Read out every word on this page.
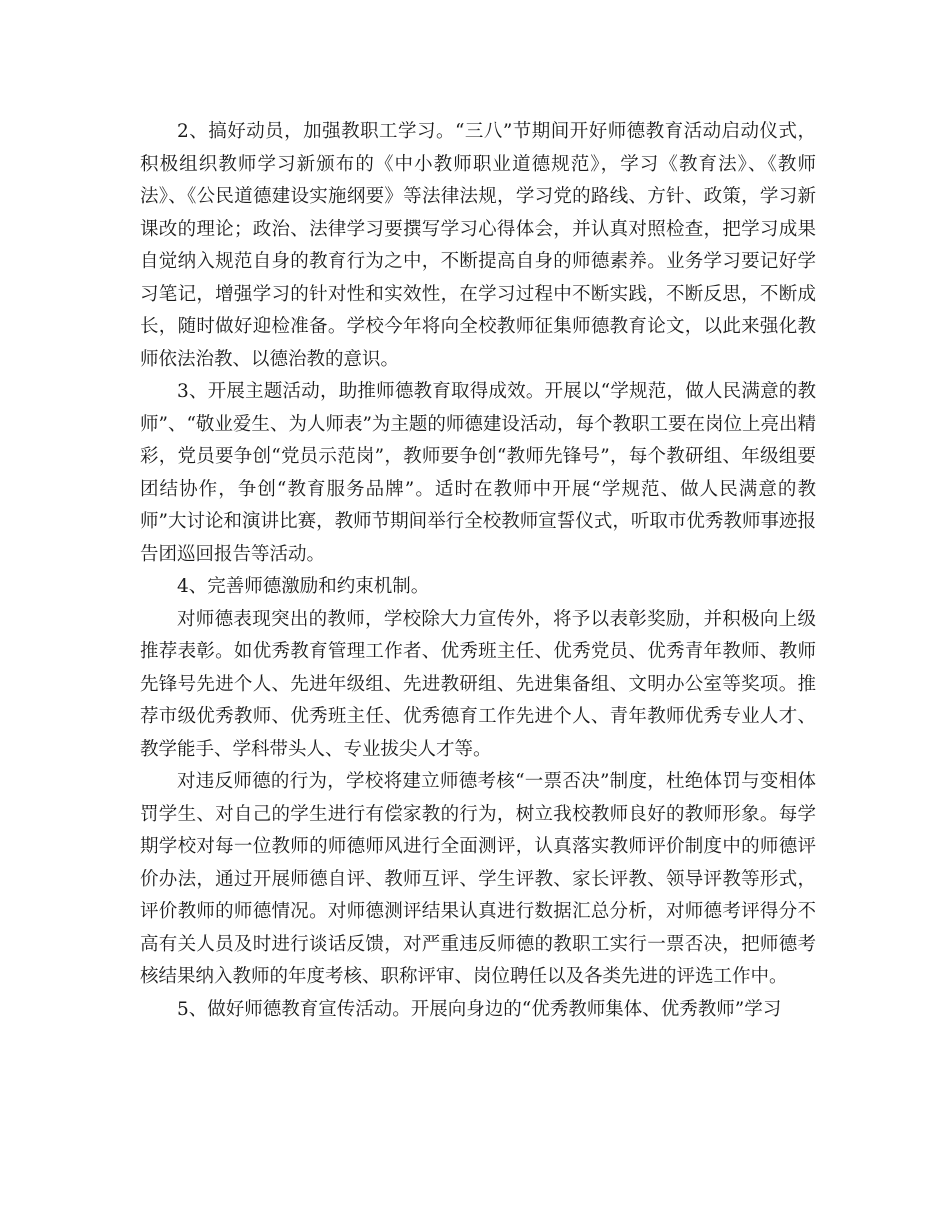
2、搞好动员，加强教职工学习。“三八”节期间开好师德教育活动启动仪式，积极组织教师学习新颁布的《中小教师职业道德规范》，学习《教育法》、《教师法》、《公民道德建设实施纲要》等法律法规，学习党的路线、方针、政策，学习新课改的理论；政治、法律学习要撰写学习心得体会，并认真对照检查，把学习成果自觉纳入规范自身的教育行为之中，不断提高自身的师德素养。业务学习要记好学习笔记，增强学习的针对性和实效性，在学习过程中不断实践，不断反思，不断成长，随时做好迎检准备。学校今年将向全校教师征集师德教育论文，以此来强化教师依法治教、以德治教的意识。

3、开展主题活动，助推师德教育取得成效。开展以“学规范，做人民满意的教师”、“敬业爱生、为人师表”为主题的师德建设活动，每个教职工要在岗位上亮出精彩，党员要争创“党员示范岗”，教师要争创“教师先锋号”，每个教研组、年级组要团结协作，争创“教育服务品牌”。适时在教师中开展“学规范、做人民满意的教师”大讨论和演讲比赛，教师节期间举行全校教师宣誓仪式，听取市优秀教师事迹报告团巡回报告等活动。

4、完善师德激励和约束机制。

对师德表现突出的教师，学校除大力宣传外，将予以表彰奖励，并积极向上级推荐表彰。如优秀教育管理工作者、优秀班主任、优秀党员、优秀青年教师、教师先锋号先进个人、先进年级组、先进教研组、先进集备组、文明办公室等奖项。推荐市级优秀教师、优秀班主任、优秀德育工作先进个人、青年教师优秀专业人才、教学能手、学科带头人、专业拔尖人才等。

对违反师德的行为，学校将建立师德考核“一票否决”制度，杜绝体罚与变相体罚学生、对自己的学生进行有偿家教的行为，树立我校教师良好的教师形象。每学期学校对每一位教师的师德师风进行全面测评，认真落实教师评价制度中的师德评价办法，通过开展师德自评、教师互评、学生评教、家长评教、领导评教等形式，评价教师的师德情况。对师德测评结果认真进行数据汇总分析，对师德考评得分不高有关人员及时进行谈话反馈，对严重违反师德的教职工实行一票否决，把师德考核结果纳入教师的年度考核、职称评审、岗位聘任以及各类先进的评选工作中。

5、做好师德教育宣传活动。开展向身边的“优秀教师集体、优秀教师”学习
